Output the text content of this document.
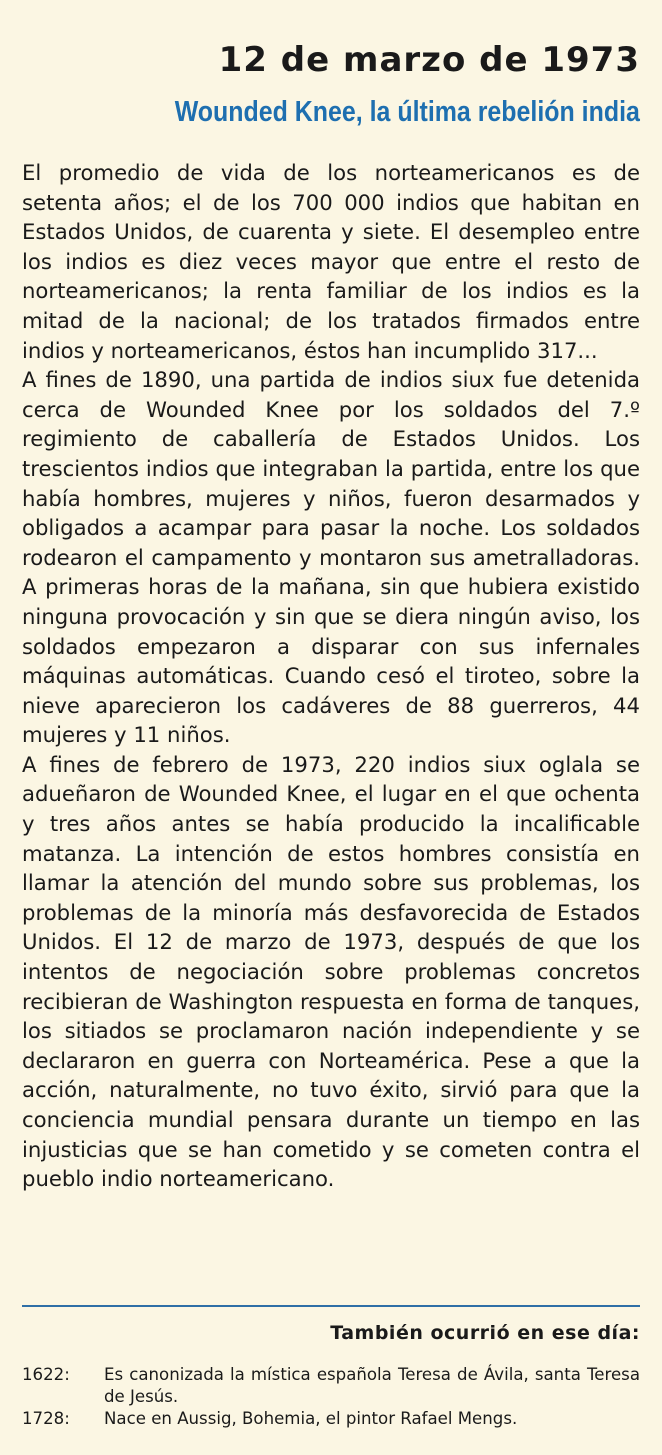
12 de marzo de 1973
Wounded Knee, la última rebelión india

El promedio de vida de los norteamericanos es de setenta años; el de los 700 000 indios que habitan en Estados Unidos, de cuarenta y siete. El desempleo entre los indios es diez veces mayor que entre el resto de norteamericanos; la renta familiar de los indios es la mitad de la nacional; de los tratados firmados entre indios y norteamericanos, éstos han incumplido 317...

A fines de 1890, una partida de indios siux fue detenida cerca de Wounded Knee por los soldados del 7.º regimiento de caballería de Estados Unidos. Los trescientos indios que integraban la partida, entre los que había hombres, mujeres y niños, fueron desarmados y obligados a acampar para pasar la noche. Los soldados rodearon el campamento y montaron sus ametralladoras. A primeras horas de la mañana, sin que hubiera existido ninguna provocación y sin que se diera ningún aviso, los soldados empezaron a disparar con sus infernales máquinas automáticas. Cuando cesó el tiroteo, sobre la nieve aparecieron los cadáveres de 88 guerreros, 44 mujeres y 11 niños.

A fines de febrero de 1973, 220 indios siux oglala se adueñaron de Wounded Knee, el lugar en el que ochenta y tres años antes se había producido la incalificable matanza. La intención de estos hombres consistía en llamar la atención del mundo sobre sus problemas, los problemas de la minoría más desfavorecida de Estados Unidos. El 12 de marzo de 1973, después de que los intentos de negociación sobre problemas concretos recibieran de Washington respuesta en forma de tanques, los sitiados se proclamaron nación independiente y se declararon en guerra con Norteamérica. Pese a que la acción, naturalmente, no tuvo éxito, sirvió para que la conciencia mundial pensara durante un tiempo en las injusticias que se han cometido y se cometen contra el pueblo indio norteamericano.

También ocurrió en ese día:
1622:	Es canonizada la mística española Teresa de Ávila, santa Teresa de Jesús.
1728:	Nace en Aussig, Bohemia, el pintor Rafael Mengs.
